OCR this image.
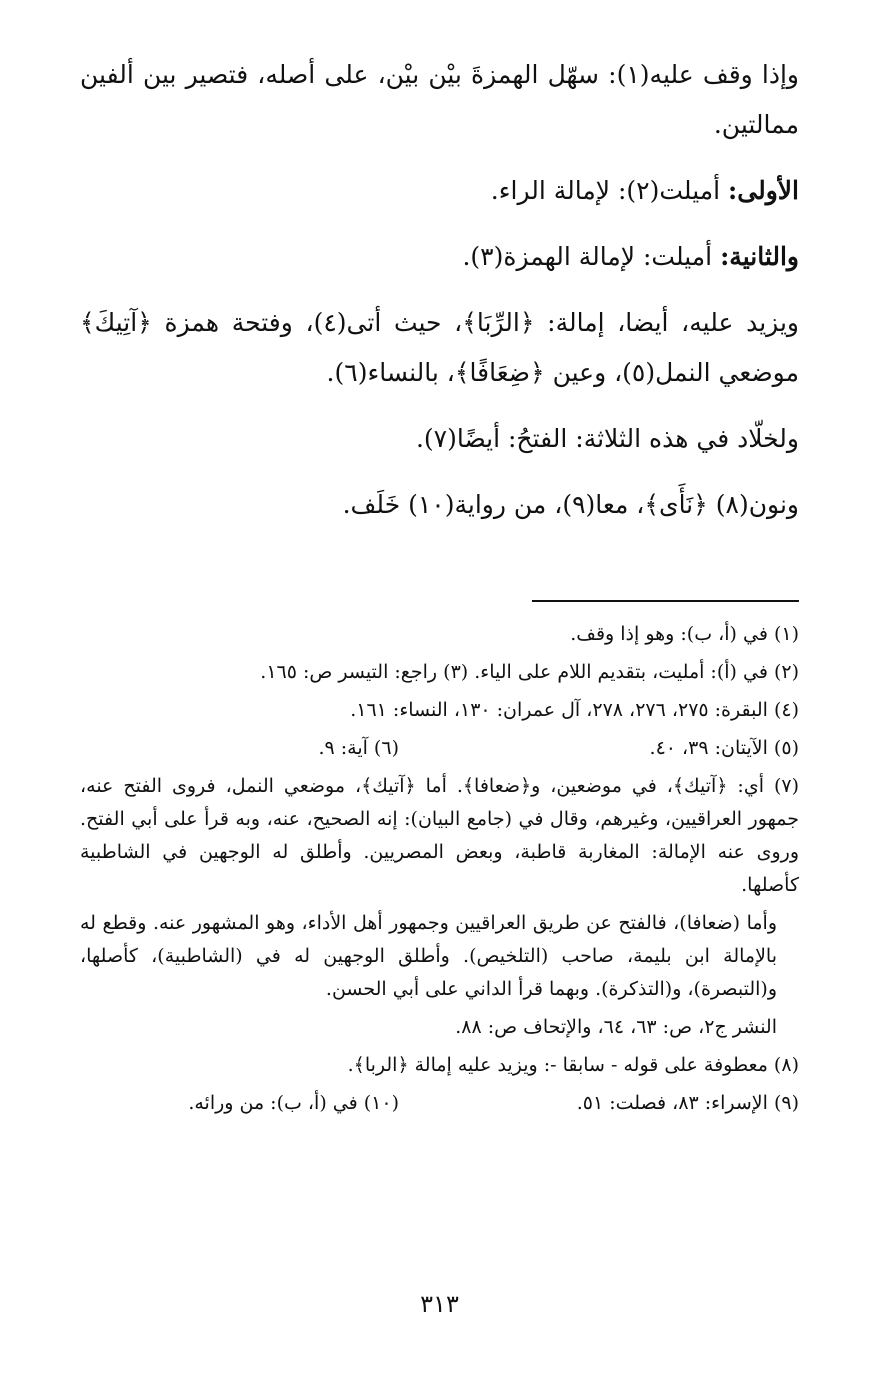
وإذا وقف عليه(١): سهّل الهمزةَ بيْن بيْن، على أصله، فتصير بين ألفين ممالتين.

الأولى: أميلت(٢): لإمالة الراء.

والثانية: أميلت: لإمالة الهمزة(٣).

ويزيد عليه، أيضا، إمالة: ﴿الرِّبَا﴾، حيث أتى(٤)، وفتحة همزة ﴿آتِيكَ﴾ موضعي النمل(٥)، وعين ﴿ضِعَافًا﴾، بالنساء(٦).

ولخلّاد في هذه الثلاثة: الفتحُ: أيضًا(٧).

ونون(٨) ﴿نَأَى﴾، معا(٩)، من رواية(١٠) خَلَف.

(١) في (أ، ب): وهو إذا وقف.
(٢) في (أ): أمليت، بتقديم اللام على الياء. (٣) راجع: التيسر ص: ١٦٥.
(٤) البقرة: ٢٧٥، ٢٧٦، ٢٧٨، آل عمران: ١٣٠، النساء: ١٦١.
(٥) الآيتان: ٣٩، ٤٠.
(٦) آية: ٩.
(٧) أي: ﴿آتيك﴾، في موضعين، و﴿ضعافا﴾. أما ﴿آتيك﴾، موضعي النمل، فروى الفتح عنه، جمهور العراقيين، وغيرهم، وقال في (جامع البيان): إنه الصحيح، عنه، وبه قرأ على أبي الفتح. وروى عنه الإمالة: المغاربة قاطبة، وبعض المصريين. وأطلق له الوجهين في الشاطبية كأصلها.
وأما (ضعافا)، فالفتح عن طريق العراقيين وجمهور أهل الأداء، وهو المشهور عنه. وقطع له بالإمالة ابن بليمة، صاحب (التلخيص). وأطلق الوجهين له في (الشاطبية)، كأصلها، و(التبصرة)، و(التذكرة). وبهما قرأ الداني على أبي الحسن.
النشر ج٢، ص: ٦٣، ٦٤، والإتحاف ص: ٨٨.
(٨) معطوفة على قوله - سابقا -: ويزيد عليه إمالة ﴿الربا﴾.
(٩) الإسراء: ٨٣، فصلت: ٥١.
(١٠) في (أ، ب): من ورائه.
٣١٣
